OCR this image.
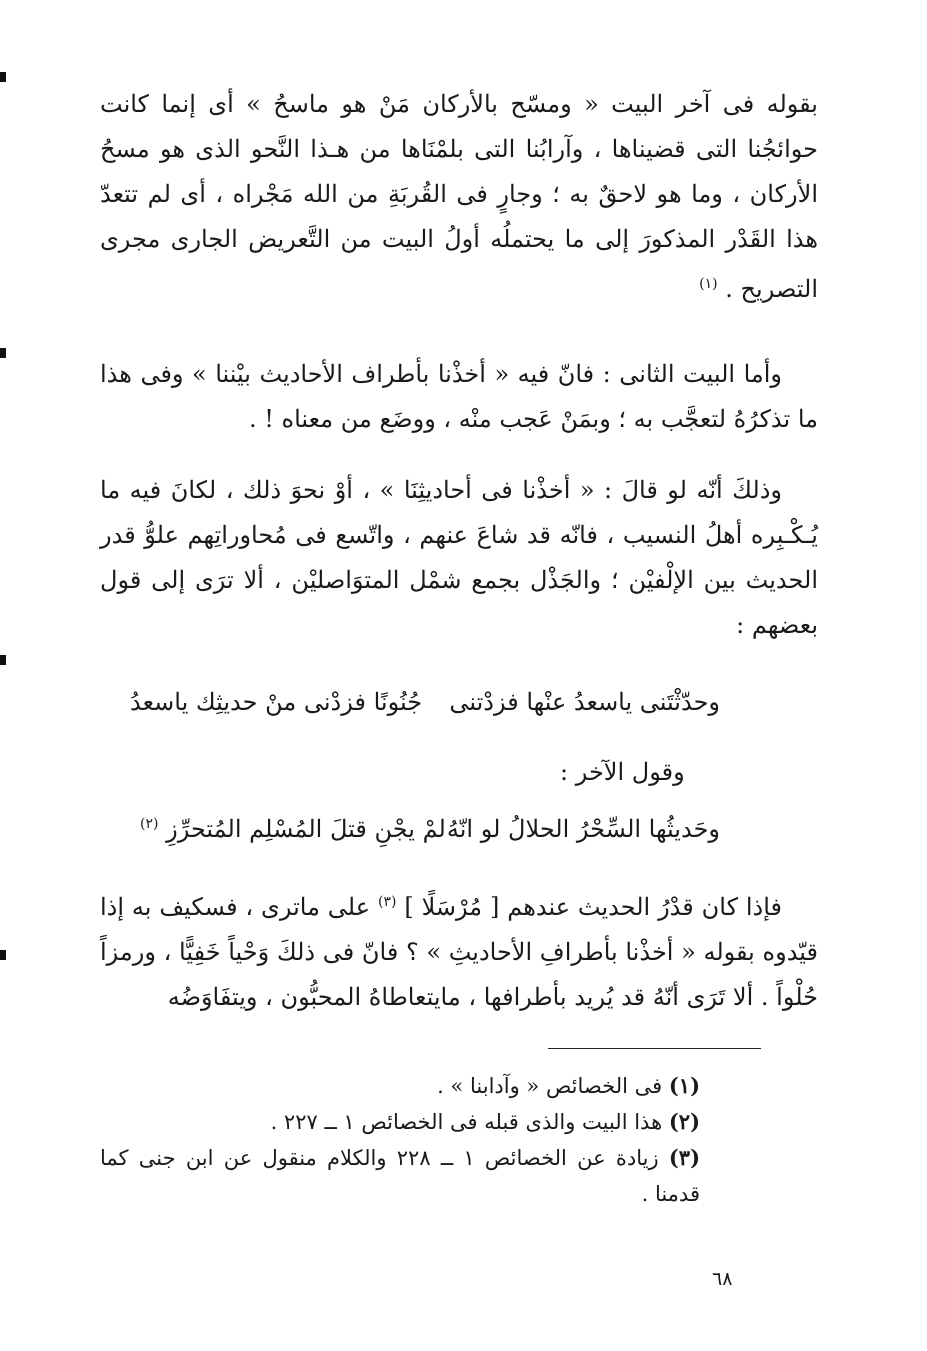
بقوله فى آخر البيت « ومسّح بالأركان مَنْ هو ماسحُ » أى إنما كانت حوائجُنا التى قضيناها ، وآرابُنا التى بلمْنَاها من هـذا النَّحو الذى هو مسحُ الأركان ، وما هو لاحقٌ به ؛ وجارٍ فى القُربَةِ من الله مَجْراه ، أى لم تتعدّ هذا القَدْر المذكورَ إلى ما يحتملُه أولُ البيت من التَّعريض الجارى مجرى التصريح . $^{(١)}$

وأما البيت الثانى : فانّ فيه « أخذْنا بأطراف الأحاديث بيْننا » وفى هذا ما تذكرُهُ لتعجَّب به ؛ وبمَنْ عَجب منْه ، ووضَع من معناه ! .

وذلكَ أنّه لو قالَ : « أخذْنا فى أحاديثِنَا » ، أوْ نحوَ ذلك ، لكانَ فيه ما يُـكْـبِره أهلُ النسيب ، فانّه قد شاعَ عنهم ، واتّسع فى مُحاوراتِهم علوُّ قدر الحديث بين الإلْفيْن ؛ والجَذْل بجمع شمْل المتوَاصليْن ، ألا ترَى إلى قول بعضهم :

وحدّثْتَنى ياسعدُ عنْها فزدْتنى
جُنُونًا فزدْنى منْ حديثِك ياسعدُ
وقول الآخر :
وحَديثُها السِّحْرُ الحلالُ لو انّهُ
لمْ يجْنِ قتلَ المُسْلِم المُتحرِّزِ $^{(٢)}$

فإذا كان قدْرُ الحديث عندهم [ مُرْسَلًا ] $^{(٣)}$ على ماترى ، فسكيف به إذا قيّدوه بقوله « أخذْنا بأطرافِ الأحاديثِ » ؟ فانّ فى ذلكَ وَحْياً خَفِيًّا ، ورمزاً حُلْواً . ألا تَرَى أنّهُ قد يُريد بأطرافها ، مايتعاطاهُ المحبُّون ، ويتفَاوَضُه

(١) فى الخصائص « وآدابنا » .

(٢) هذا البيت والذى قبله فى الخصائص ١ ــ ٢٢٧ .

(٣) زيادة عن الخصائص ١ ــ ٢٢٨ والكلام منقول عن ابن جنى كما قدمنا .

٦٨
